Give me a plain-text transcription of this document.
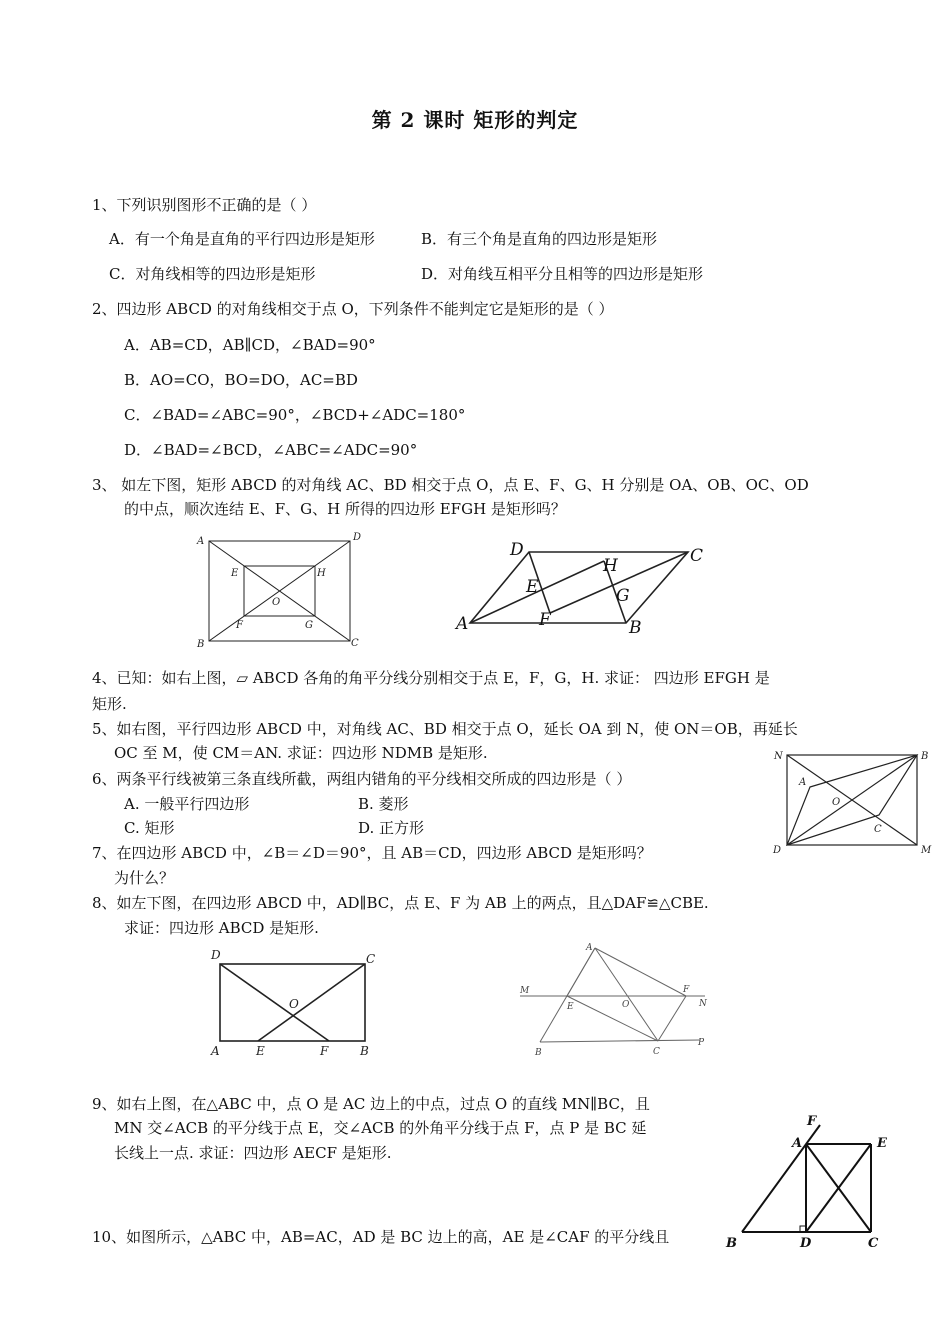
第 2 课时 矩形的判定
1、下列识别图形不正确的是（ ）
A．有一个角是直角的平行四边形是矩形	B．有三个角是直角的四边形是矩形
C．对角线相等的四边形是矩形	D．对角线互相平分且相等的四边形是矩形
2、四边形 ABCD 的对角线相交于点 O，下列条件不能判定它是矩形的是（ ）
A．AB=CD，AB∥CD，∠BAD=90°
B．AO=CO，BO=DO，AC=BD
C．∠BAD=∠ABC=90°，∠BCD+∠ADC=180°
D．∠BAD=∠BCD，∠ABC=∠ADC=90°
3、 如左下图，矩形 ABCD 的对角线 AC、BD 相交于点 O，点 E、F、G、H 分别是 OA、OB、OC、OD
的中点，顺次连结 E、F、G、H 所得的四边形 EFGH 是矩形吗？
A	D
B	C
E	H
O
F	G
D	C
H
E	G
A	F	B
4、已知：如右上图，▱ ABCD 各角的角平分线分别相交于点 E，F，G，H. 求证： 四边形 EFGH 是
矩形.
5、如右图，平行四边形 ABCD 中，对角线 AC、BD 相交于点 O，延长 OA 到 N，使 ON＝OB，再延长
OC 至 M，使 CM＝AN. 求证：四边形 NDMB 是矩形.
6、两条平行线被第三条直线所截，两组内错角的平分线相交所成的四边形是（ ）
A. 一般平行四边形	B. 菱形
C. 矩形	D. 正方形
N	B
A
O
C
D	M
7、在四边形 ABCD 中，∠B＝∠D＝90°，且 AB＝CD，四边形 ABCD 是矩形吗？
为什么？
8、如左下图，在四边形 ABCD 中，AD∥BC，点 E、F 为 AB 上的两点，且△DAF≌△CBE.
求证：四边形 ABCD 是矩形.
D	C
O
A	E	F	B
A
M
E	O
F
N
B	C
P
9、如右上图，在△ABC 中，点 O 是 AC 边上的中点，过点 O 的直线 MN∥BC，且
MN 交∠ACB 的平分线于点 E，交∠ACB 的外角平分线于点 F，点 P 是 BC 延
长线上一点. 求证：四边形 AECF 是矩形.
F
A	E
B	D	C
10、如图所示，△ABC 中，AB=AC，AD 是 BC 边上的高，AE 是∠CAF 的平分线且
